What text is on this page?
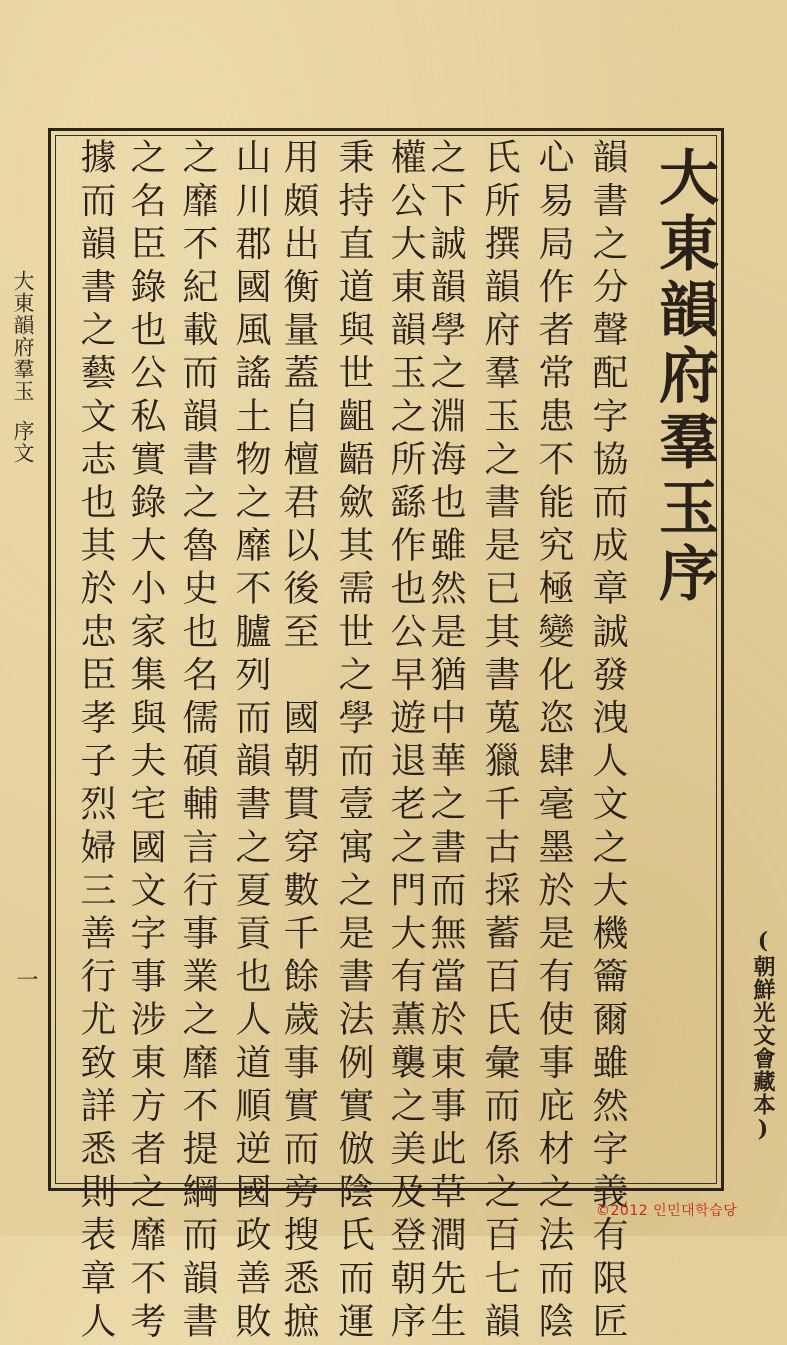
大東韻府羣玉
序文
一
大東韻府羣玉序
韻書之分聲配字協而成章誠發洩人文之大機籥爾雖然字義有限匠
心易局作者常患不能究極變化恣肆毫墨於是有使事庇材之法而陰
氏所撰韻府羣玉之書是已其書蒐獵千古採蓄百氏彙而係之百七韻
之下誠韻學之淵海也雖然是猶中華之書而無當於東事此草澗先生
權公大東韻玉之所繇作也公早遊退老之門大有薫襲之美及登朝序
秉持直道與世齟齬歛其需世之學而壹寓之是書法例實倣陰氏而運
用頗出衡量蓋自檀君以後至　國朝貫穿數千餘歲事實而旁搜悉摭
山川郡國風謠土物之靡不臚列而韻書之夏貢也人道順逆國政善敗
之靡不紀載而韻書之魯史也名儒碩輔言行事業之靡不提綱而韻書
之名臣錄也公私實錄大小家集與夫宅國文字事涉東方者之靡不考
據而韻書之藝文志也其於忠臣孝子烈婦三善行尤致詳悉則表章人	(朝鮮光文會藏本)
©2012 인민대학습당
